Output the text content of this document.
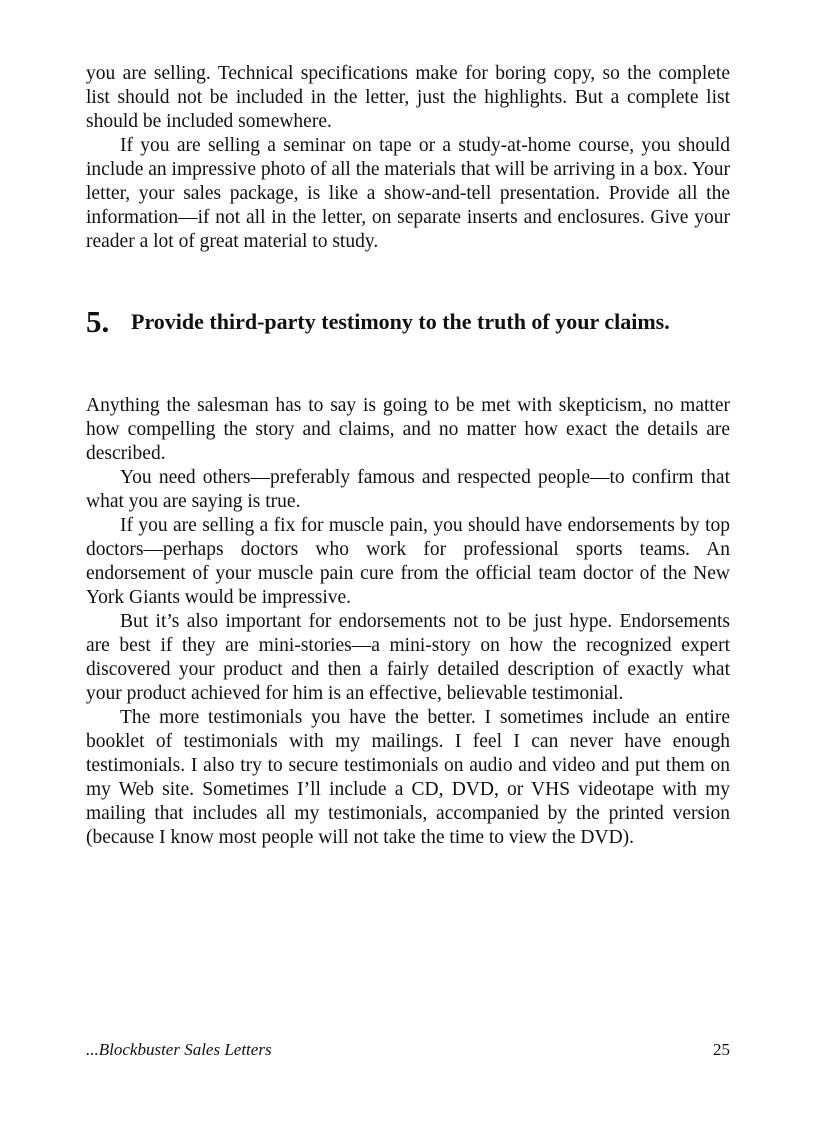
you are selling. Technical specifications make for boring copy, so the complete list should not be included in the letter, just the highlights. But a complete list should be included somewhere.

If you are selling a seminar on tape or a study-at-home course, you should include an impressive photo of all the materials that will be arriving in a box. Your letter, your sales package, is like a show-and-tell presentation. Provide all the information—if not all in the letter, on separate inserts and enclosures. Give your reader a lot of great material to study.

5. Provide third-party testimony to the truth of your claims.

Anything the salesman has to say is going to be met with skepticism, no matter how compelling the story and claims, and no matter how exact the details are described.

You need others—preferably famous and respected people—to confirm that what you are saying is true.

If you are selling a fix for muscle pain, you should have endorsements by top doctors—perhaps doctors who work for professional sports teams. An endorsement of your muscle pain cure from the official team doctor of the New York Giants would be impressive.

But it’s also important for endorsements not to be just hype. Endorsements are best if they are mini-stories—a mini-story on how the recognized expert discovered your product and then a fairly detailed description of exactly what your product achieved for him is an effective, believable testimonial.

The more testimonials you have the better. I sometimes include an entire booklet of testimonials with my mailings. I feel I can never have enough testimonials. I also try to secure testimonials on audio and video and put them on my Web site. Sometimes I’ll include a CD, DVD, or VHS videotape with my mailing that includes all my testimonials, accompanied by the printed version (because I know most people will not take the time to view the DVD).

...Blockbuster Sales Letters	25
